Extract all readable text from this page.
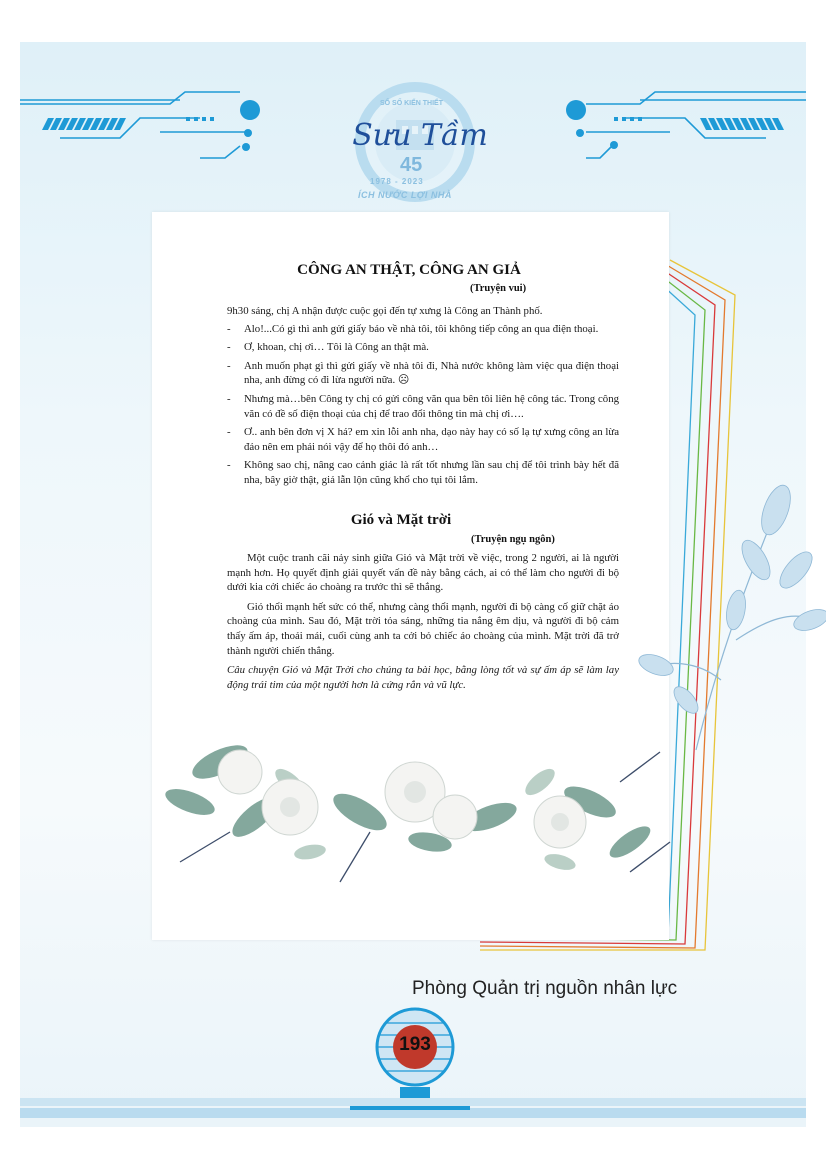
SỔ SỐ KIẾN THIẾT
Sưu Tầm
45
1978 - 2023
ÍCH NƯỚC LỢI NHÀ
CÔNG AN THẬT, CÔNG AN GIẢ
(Truyện vui)

9h30 sáng, chị A nhận được cuộc gọi đến tự xưng là Công an Thành phố.

- Alo!...Có gì thì anh gửi giấy báo về nhà tôi, tôi không tiếp công an qua điện thoại.
- Ơ, khoan, chị ơi… Tôi là Công an thật mà.
- Anh muốn phạt gì thì gửi giấy về nhà tôi đi, Nhà nước không làm việc qua điện thoại nha, anh đừng có đi lừa người nữa. ☹
- Nhưng mà…bên Công ty chị có gửi công văn qua bên tôi liên hệ công tác. Trong công văn có đề số điện thoại của chị để trao đổi thông tin mà chị ơi….
- Ơ.. anh bên đơn vị X há? em xin lỗi anh nha, dạo này hay có số lạ tự xưng công an lừa đảo nên em phải nói vậy để họ thôi đó anh…
- Không sao chị, nâng cao cảnh giác là rất tốt nhưng lần sau chị để tôi trình bày hết đã nha, bây giờ thật, giả lẫn lộn cũng khổ cho tụi tôi lắm.
Gió và Mặt trời
(Truyện ngụ ngôn)

Một cuộc tranh cãi nảy sinh giữa Gió và Mặt trời về việc, trong 2 người, ai là người mạnh hơn. Họ quyết định giải quyết vấn đề này bằng cách, ai có thể làm cho người đi bộ dưới kia cởi chiếc áo choàng ra trước thì sẽ thắng.

Gió thổi mạnh hết sức có thể, nhưng càng thổi mạnh, người đi bộ càng cố giữ chặt áo choàng của mình. Sau đó, Mặt trời tỏa sáng, những tia nắng êm dịu, và người đi bộ cảm thấy ấm áp, thoải mái, cuối cùng anh ta cởi bỏ chiếc áo choàng của mình. Mặt trời đã trở thành người chiến thắng.

Câu chuyện Gió và Mặt Trời cho chúng ta bài học, bằng lòng tốt và sự ấm áp sẽ làm lay động trái tim của một người hơn là cứng rắn và vũ lực.

Phòng Quản trị nguồn nhân lực
193
